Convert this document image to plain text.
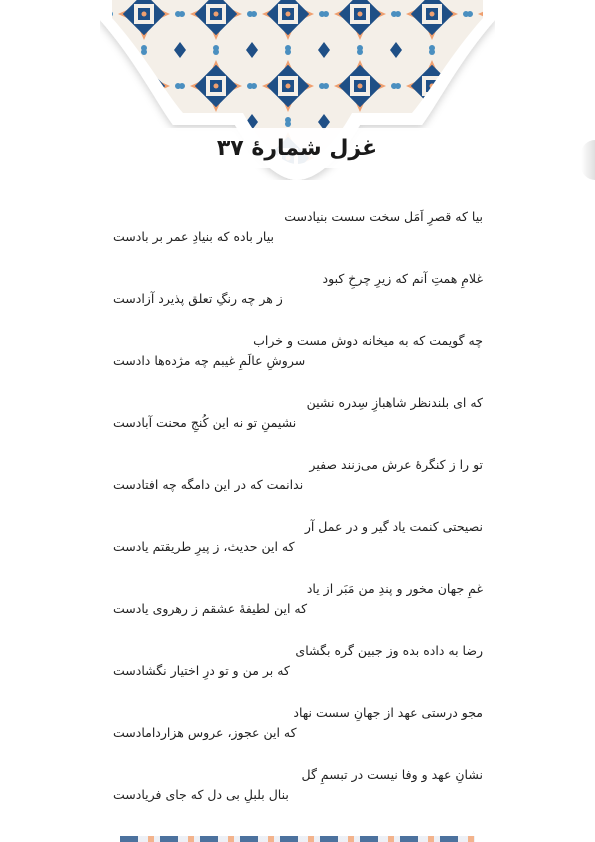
غزل شمارهٔ ۳۷
بیا که قصرِ اَمَل سخت سست بنیادست
بیار باده که بنیادِ عمر بر بادست
غلامِ همتِ آنم که زیرِ چرخِ کبود
ز هر چه رنگِ تعلق پذیرد آزادست
چه گویمت که به میخانه دوش مست و خراب
سروشِ عالَمِ غیبم چه مژده‌ها دادست
که ای بلندنظر شاهبازِ سِدره نشین
نشیمنِ تو نه این کُنجِ محنت آبادست
تو را ز کنگرهٔ عرش می‌زنند صفیر
ندانمت که در این دامگه چه افتادست
نصیحتی کنمت یاد گیر و در عمل آر
که این حدیث، ز پیرِ طریقتم یادست
غمِ جهان مخور و پندِ من مَبَر از یاد
که این لطیفهٔ عشقم ز رهروی یادست
رضا به داده بده وز جبین گره بگشای
که بر من و تو درِ اختیار نگشادست
مجو درستی عهد از جهانِ سست نهاد
که این عجوز، عروس هزاردامادست
نشانِ عهد و وفا نیست در تبسمِ گل
بنال بلبلِ بی دل که جای فریادست
